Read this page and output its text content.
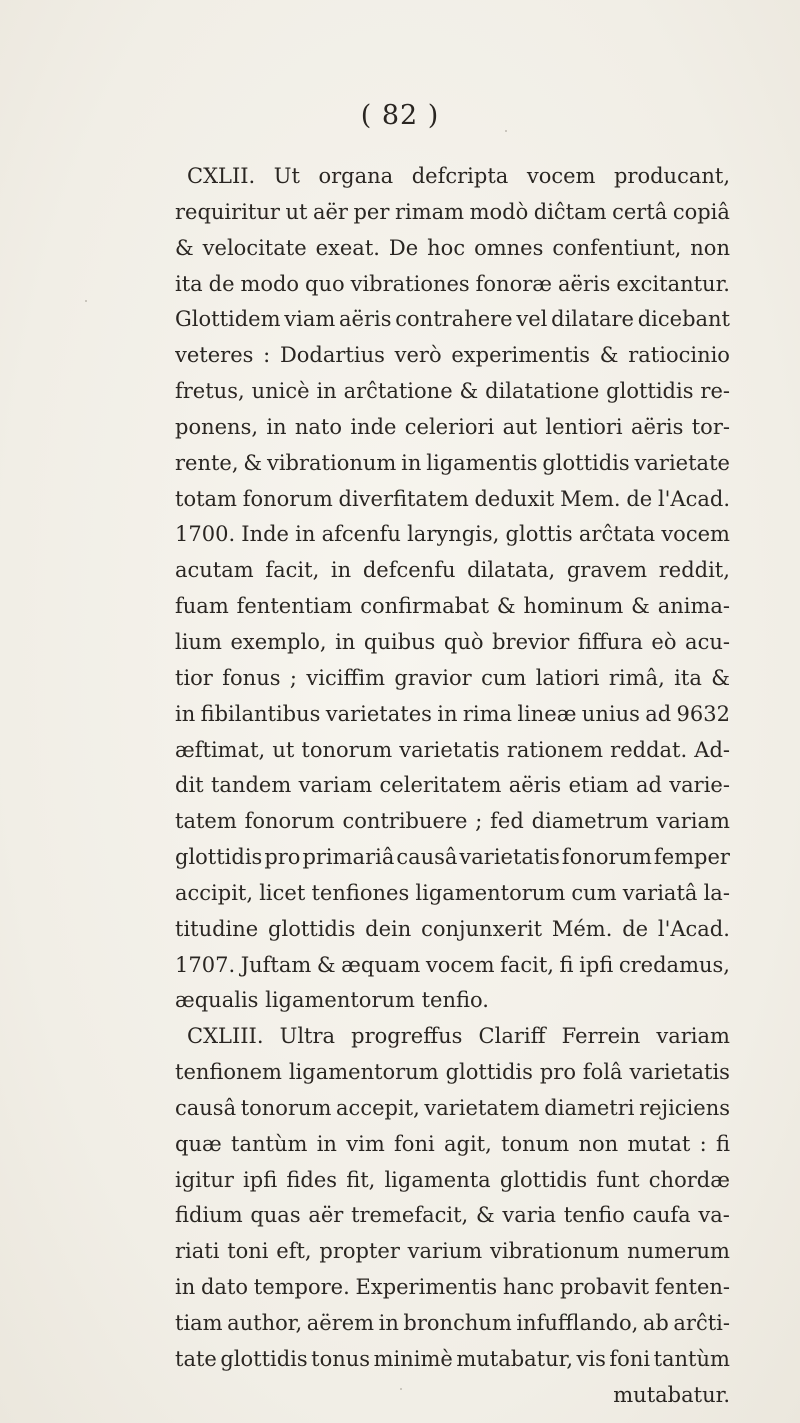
( 82 )
CXLII. Ut organa defcripta vocem producant,
requiritur ut aër per rimam modò diĉtam certâ copiâ
& velocitate exeat. De hoc omnes confentiunt, non
ita de modo quo vibrationes fonoræ aëris excitantur.
Glottidem viam aëris contrahere vel dilatare dicebant
veteres : Dodartius verò experimentis & ratiocinio
fretus, unicè in arĉtatione & dilatatione glottidis re-
ponens, in nato inde celeriori aut lentiori aëris tor-
rente, & vibrationum in ligamentis glottidis varietate
totam fonorum diverfitatem deduxit Mem. de l'Acad.
1700. Inde in afcenfu laryngis, glottis arĉtata vocem
acutam facit, in defcenfu dilatata, gravem reddit,
fuam fententiam confirmabat & hominum & anima-
lium exemplo, in quibus quò brevior fiffura eò acu-
tior fonus ; viciffim gravior cum latiori rimâ, ita &
in fibilantibus varietates in rima lineæ unius ad 9632
æftimat, ut tonorum varietatis rationem reddat. Ad-
dit tandem variam celeritatem aëris etiam ad varie-
tatem fonorum contribuere ; fed diametrum variam
glottidis pro primariâ causâ varietatis fonorum femper
accipit, licet tenfiones ligamentorum cum variatâ la-
titudine glottidis dein conjunxerit Mém. de l'Acad.
1707. Juftam & æquam vocem facit, fi ipfi credamus,
æqualis ligamentorum tenfio.
CXLIII. Ultra progreffus Clariff Ferrein variam
tenfionem ligamentorum glottidis pro folâ varietatis
causâ tonorum accepit, varietatem diametri rejiciens
quæ tantùm in vim foni agit, tonum non mutat : fi
igitur ipfi fides fit, ligamenta glottidis funt chordæ
fidium quas aër tremefacit, & varia tenfio caufa va-
riati toni eft, propter varium vibrationum numerum
in dato tempore. Experimentis hanc probavit fenten-
tiam author, aërem in bronchum infufflando, ab arĉti-
tate glottidis tonus minimè mutabatur, vis foni tantùm
mutabatur.
